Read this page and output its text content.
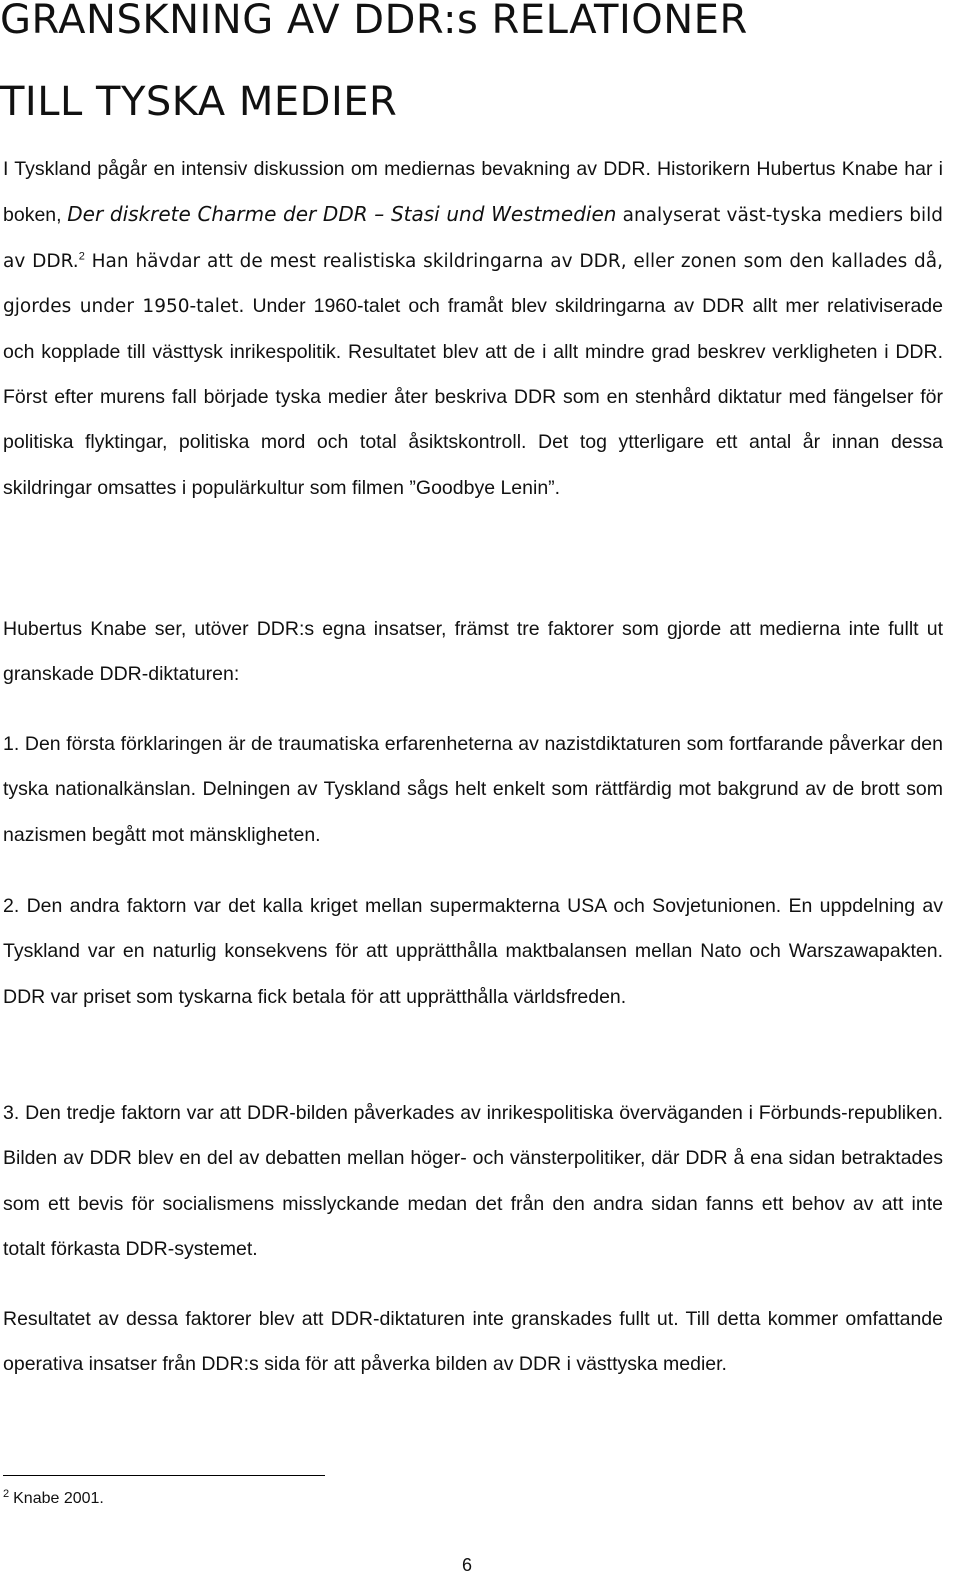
GRANSKNING AV DDR:s RELATIONER
TILL TYSKA MEDIER

I Tyskland pågår en intensiv diskussion om mediernas bevakning av DDR. Historikern Hubertus Knabe har i boken, Der diskrete Charme der DDR – Stasi und Westmedien analyserat väst-tyska mediers bild av DDR.$^2$ Han hävdar att de mest realistiska skildringarna av DDR, eller zonen som den kallades då, gjordes under 1950-talet. Under 1960-talet och framåt blev skildringarna av DDR allt mer relativiserade och kopplade till västtysk inrikespolitik. Resultatet blev att de i allt mindre grad beskrev verkligheten i DDR. Först efter murens fall började tyska medier åter beskriva DDR som en stenhård diktatur med fängelser för politiska flyktingar, politiska mord och total åsiktskontroll. Det tog ytterligare ett antal år innan dessa skildringar omsattes i populärkultur som filmen ”Goodbye Lenin”.

Hubertus Knabe ser, utöver DDR:s egna insatser, främst tre faktorer som gjorde att medierna inte fullt ut granskade DDR-diktaturen:

1. Den första förklaringen är de traumatiska erfarenheterna av nazistdiktaturen som fortfarande påverkar den tyska nationalkänslan. Delningen av Tyskland sågs helt enkelt som rättfärdig mot bakgrund av de brott som nazismen begått mot mänskligheten.

2. Den andra faktorn var det kalla kriget mellan supermakterna USA och Sovjetunionen. En uppdelning av Tyskland var en naturlig konsekvens för att upprätthålla maktbalansen mellan Nato och Warszawapakten. DDR var priset som tyskarna fick betala för att upprätthålla världsfreden.

3. Den tredje faktorn var att DDR-bilden påverkades av inrikespolitiska överväganden i Förbunds-republiken. Bilden av DDR blev en del av debatten mellan höger- och vänsterpolitiker, där DDR å ena sidan betraktades som ett bevis för socialismens misslyckande medan det från den andra sidan fanns ett behov av att inte totalt förkasta DDR-systemet.

Resultatet av dessa faktorer blev att DDR-diktaturen inte granskades fullt ut. Till detta kommer omfattande operativa insatser från DDR:s sida för att påverka bilden av DDR i västtyska medier.

$^2$ Knabe 2001.

6
